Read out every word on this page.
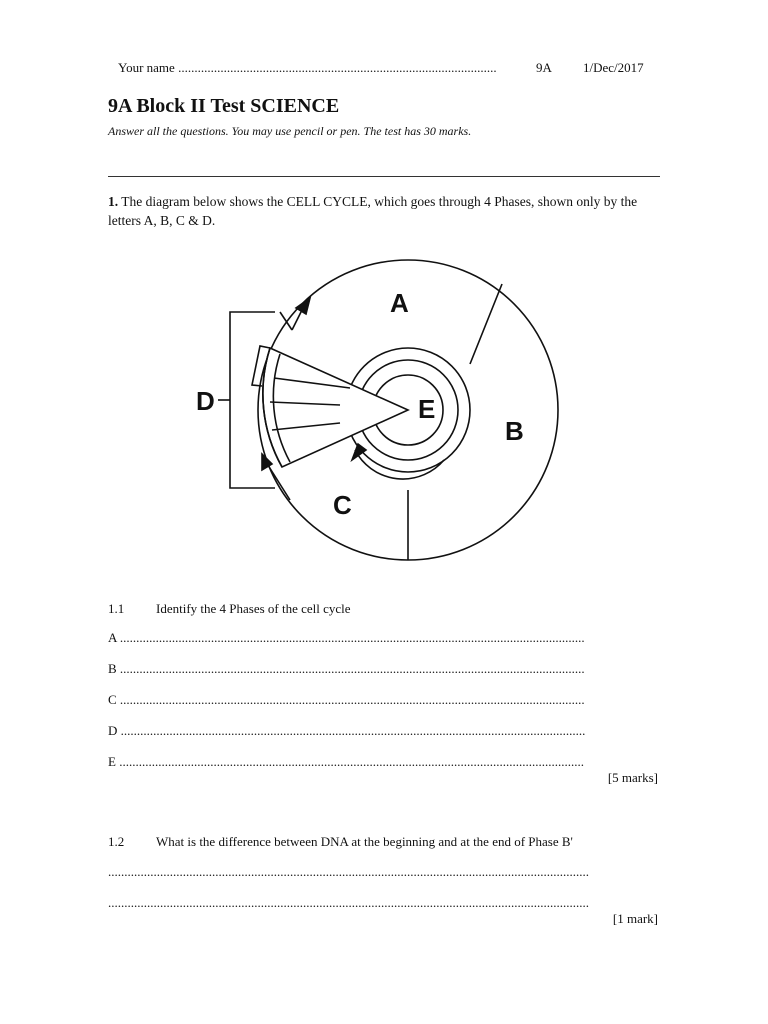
Your name ..................................................................................................	9A 1/Dec/2017
9A Block II Test SCIENCE
Answer all the questions. You may use pencil or pen. The test has 30 marks.
1. The diagram below shows the CELL CYCLE, which goes through 4 Phases, shown only by the letters A, B, C & D.
A
B
C
D	E
1.1 Identify the 4 Phases of the cell cycle
A ...............................................................................................................................................
B ...............................................................................................................................................
C ...............................................................................................................................................
D ...............................................................................................................................................
E ...............................................................................................................................................
[5 marks]
1.2 What is the difference between DNA at the beginning and at the end of Phase B'
....................................................................................................................................................
....................................................................................................................................................
[1 mark]
